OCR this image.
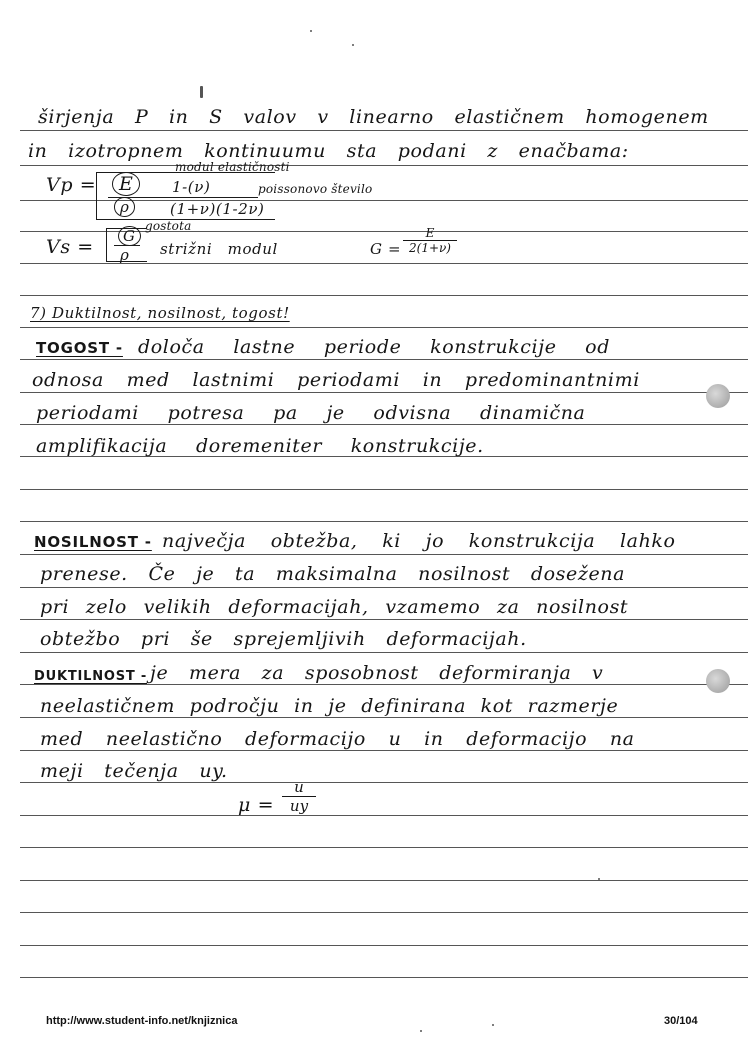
širjenja P in S valov v linearno elastičnem homogenem
in izotropnem kontinuumu sta podani z enačbama:
Vp =	E
modul elastičnosti
1-(ν)	poissonovo število
ρ	(1+ν)(1-2ν)
gostota
Vs =	G
ρ strižni modul	G =
E
2(1+ν)
7) Duktilnost, nosilnost, togost!
TOGOST - določa lastne periode konstrukcije od
odnosa med lastnimi periodami in predominantnimi
periodami potresa pa je odvisna dinamična
amplifikacija doremeniter konstrukcije.
NOSILNOST - največja obtežba, ki jo konstrukcija lahko
prenese. Če je ta maksimalna nosilnost dosežena
pri zelo velikih deformacijah, vzamemo za nosilnost
obtežbo pri še sprejemljivih deformacijah.
DUKTILNOST - je mera za sposobnost deformiranja v
neelastičnem področju in je definirana kot razmerje
med neelastično deformacijo u in deformacijo na
meji tečenja uy.
μ =
u
uy
http://www.student-info.net/knjiznica	30/104
